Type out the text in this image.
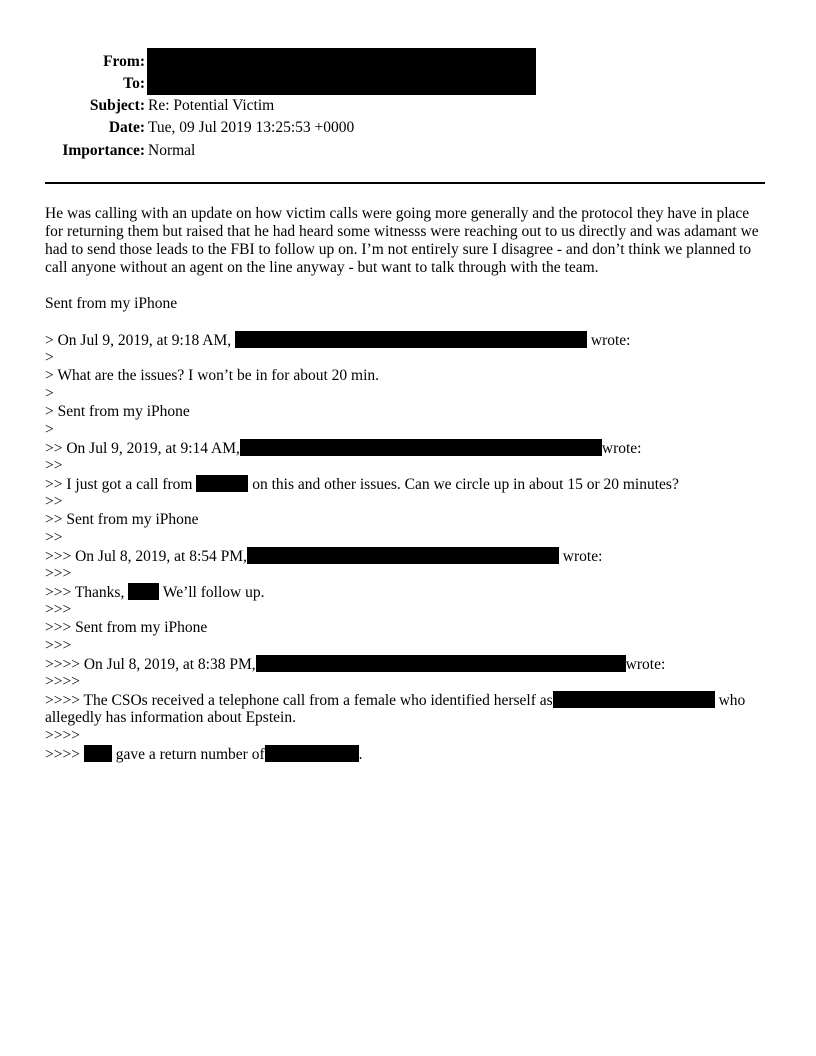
From:
To:
Subject: Re: Potential Victim
Date: Tue, 09 Jul 2019 13:25:53 +0000
Importance: Normal
He was calling with an update on how victim calls were going more generally and the protocol they have in place for returning them but raised that he had heard some witnesss were reaching out to us directly and was adamant we had to send those leads to the FBI to follow up on. I’m not entirely sure I disagree - and don’t think we planned to call anyone without an agent on the line anyway - but want to talk through with the team.
Sent from my iPhone
> On Jul 9, 2019, at 9:18 AM,	wrote:
>
> What are the issues? I won’t be in for about 20 min.
>
> Sent from my iPhone
>
>> On Jul 9, 2019, at 9:14 AM,	wrote:
>>
>> I just got a call from	on this and other issues. Can we circle up in about 15 or 20 minutes?
>>
>> Sent from my iPhone
>>
>>> On Jul 8, 2019, at 8:54 PM,	wrote:
>>>
>>> Thanks, We’ll follow up.
>>>
>>> Sent from my iPhone
>>>
>>>> On Jul 8, 2019, at 8:38 PM,	wrote:
>>>>
>>>> The CSOs received a telephone call from a female who identified herself as	who
allegedly has information about Epstein.
>>>>
>>>> gave a return number of	.
